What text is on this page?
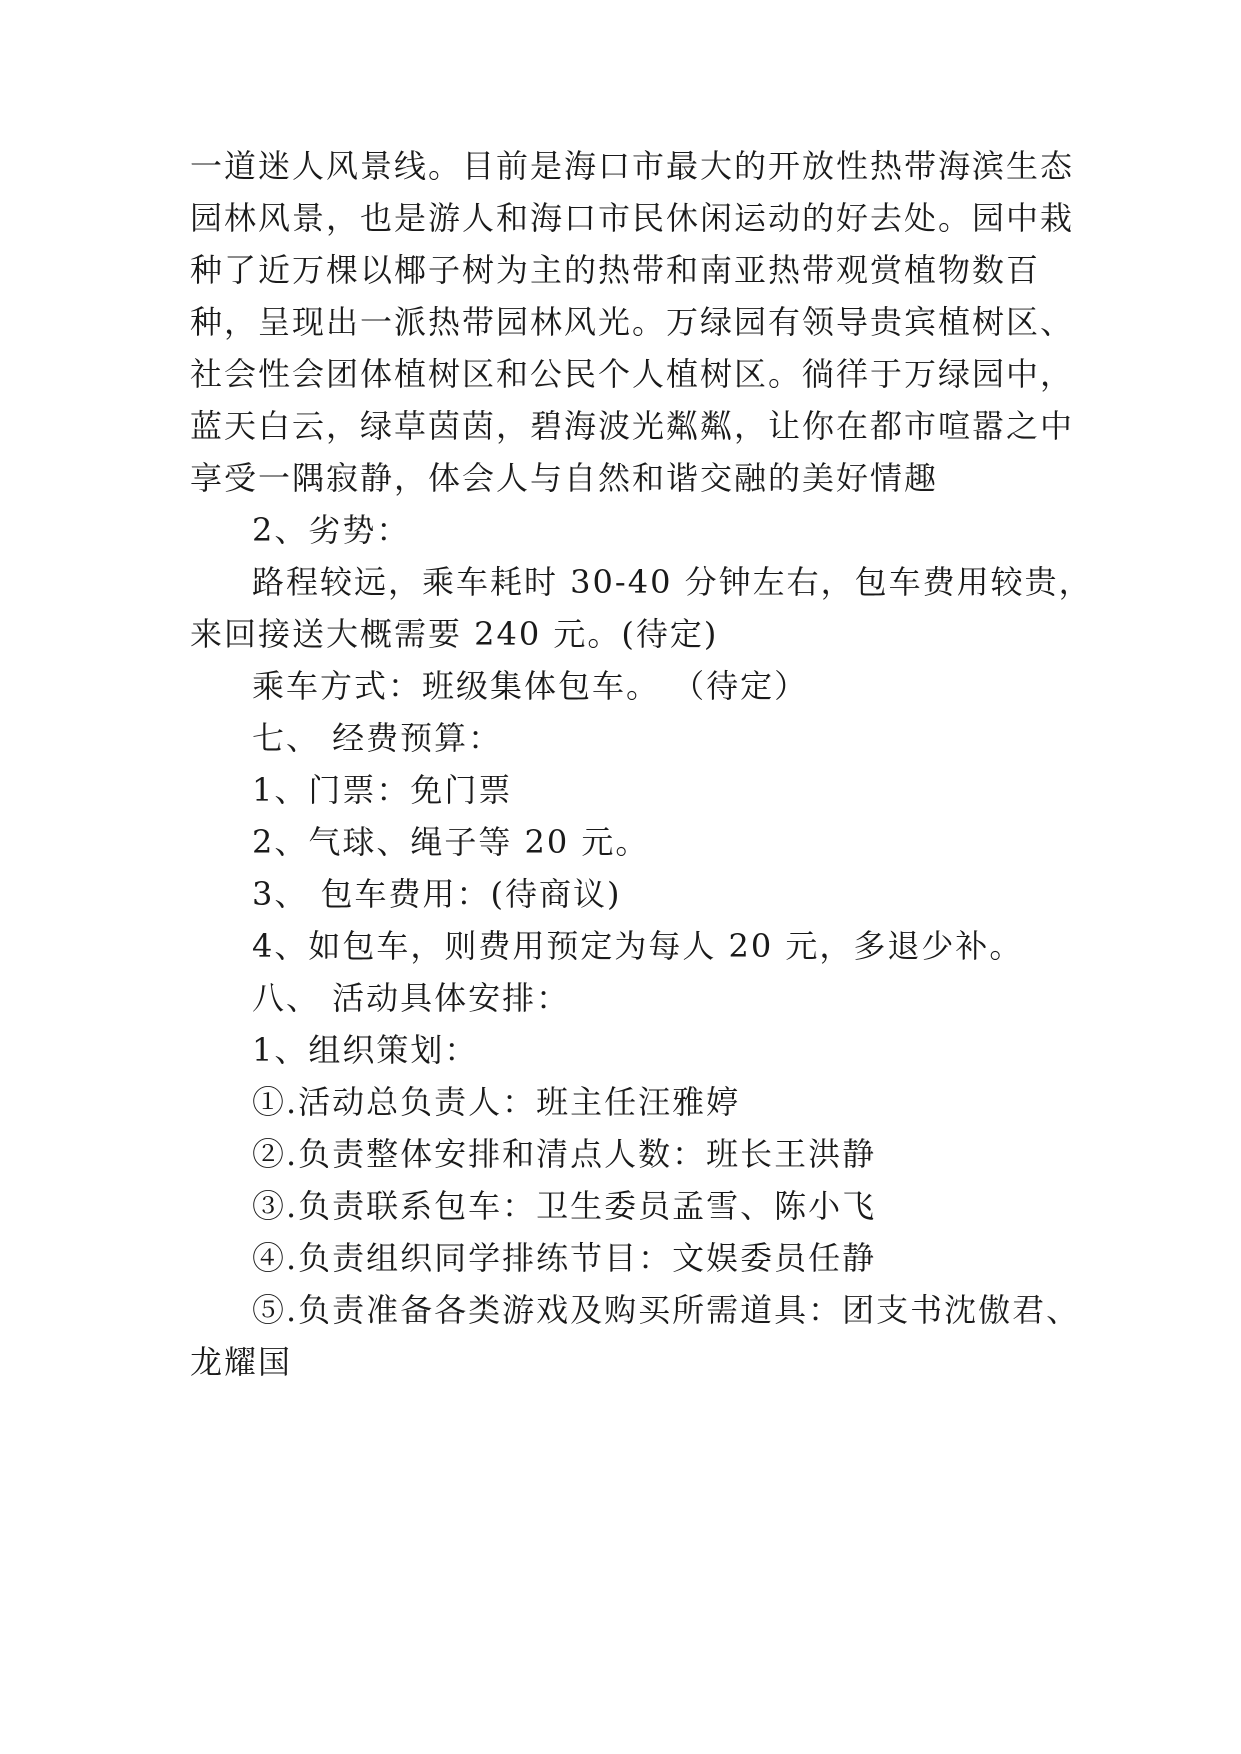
一道迷人风景线。目前是海口市最大的开放性热带海滨生态

园林风景，也是游人和海口市民休闲运动的好去处。园中栽

种了近万棵以椰子树为主的热带和南亚热带观赏植物数百

种，呈现出一派热带园林风光。万绿园有领导贵宾植树区、

社会性会团体植树区和公民个人植树区。徜徉于万绿园中，

蓝天白云，绿草茵茵，碧海波光粼粼，让你在都市喧嚣之中

享受一隅寂静，体会人与自然和谐交融的美好情趣

2、劣势：

路程较远，乘车耗时 30-40 分钟左右，包车费用较贵，

来回接送大概需要 240 元。(待定)

乘车方式：班级集体包车。 （待定）

七、 经费预算：

1、门票：免门票

2、气球、绳子等 20 元。

3、 包车费用：(待商议)

4、如包车，则费用预定为每人 20 元，多退少补。

八、 活动具体安排：

1、组织策划：

①.活动总负责人：班主任汪雅婷

②.负责整体安排和清点人数：班长王洪静

③.负责联系包车：卫生委员孟雪、陈小飞

④.负责组织同学排练节目：文娱委员任静

⑤.负责准备各类游戏及购买所需道具：团支书沈傲君、

龙耀国
